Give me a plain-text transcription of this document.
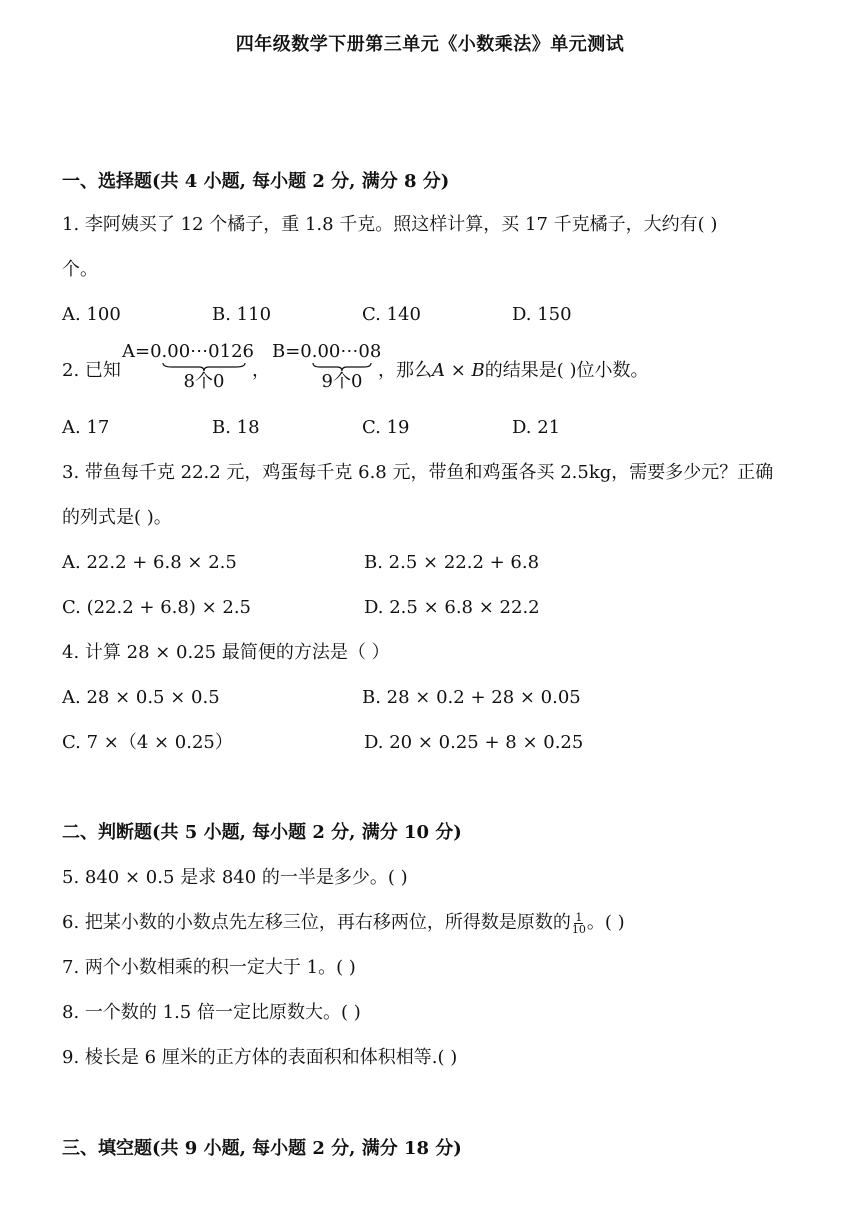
四年级数学下册第三单元《小数乘法》单元测试
一、选择题(共 4 小题, 每小题 2 分, 满分 8 分)
1. 李阿姨买了 12 个橘子，重 1.8 千克。照这样计算，买 17 千克橘子，大约有( )
个。
A. 100	B. 110	C. 140	D. 150
2. 已知
A=0.00⋯0126
8个0
，
B=0.00⋯08
9个0
，那么𝐴 × 𝐵的结果是( )位小数。
A. 17	B. 18	C. 19	D. 21
3. 带鱼每千克 22.2 元，鸡蛋每千克 6.8 元，带鱼和鸡蛋各买 2.5kg，需要多少元？正确
的列式是( )。
A. 22.2 + 6.8 × 2.5	B. 2.5 × 22.2 + 6.8
C. (22.2 + 6.8) × 2.5	D. 2.5 × 6.8 × 22.2
4. 计算 28 × 0.25 最简便的方法是（ ）
A. 28 × 0.5 × 0.5	B. 28 × 0.2 + 28 × 0.05
C. 7 ×（4 × 0.25）	D. 20 × 0.25 + 8 × 0.25
二、判断题(共 5 小题, 每小题 2 分, 满分 10 分)
5. 840 × 0.5 是求 840 的一半是多少。( )
6. 把某小数的小数点先左移三位，再右移两位，所得数是原数的 $\frac{1}{10}$ 。( )
7. 两个小数相乘的积一定大于 1。( )
8. 一个数的 1.5 倍一定比原数大。( )
9. 棱长是 6 厘米的正方体的表面积和体积相等.( )
三、填空题(共 9 小题, 每小题 2 分, 满分 18 分)
